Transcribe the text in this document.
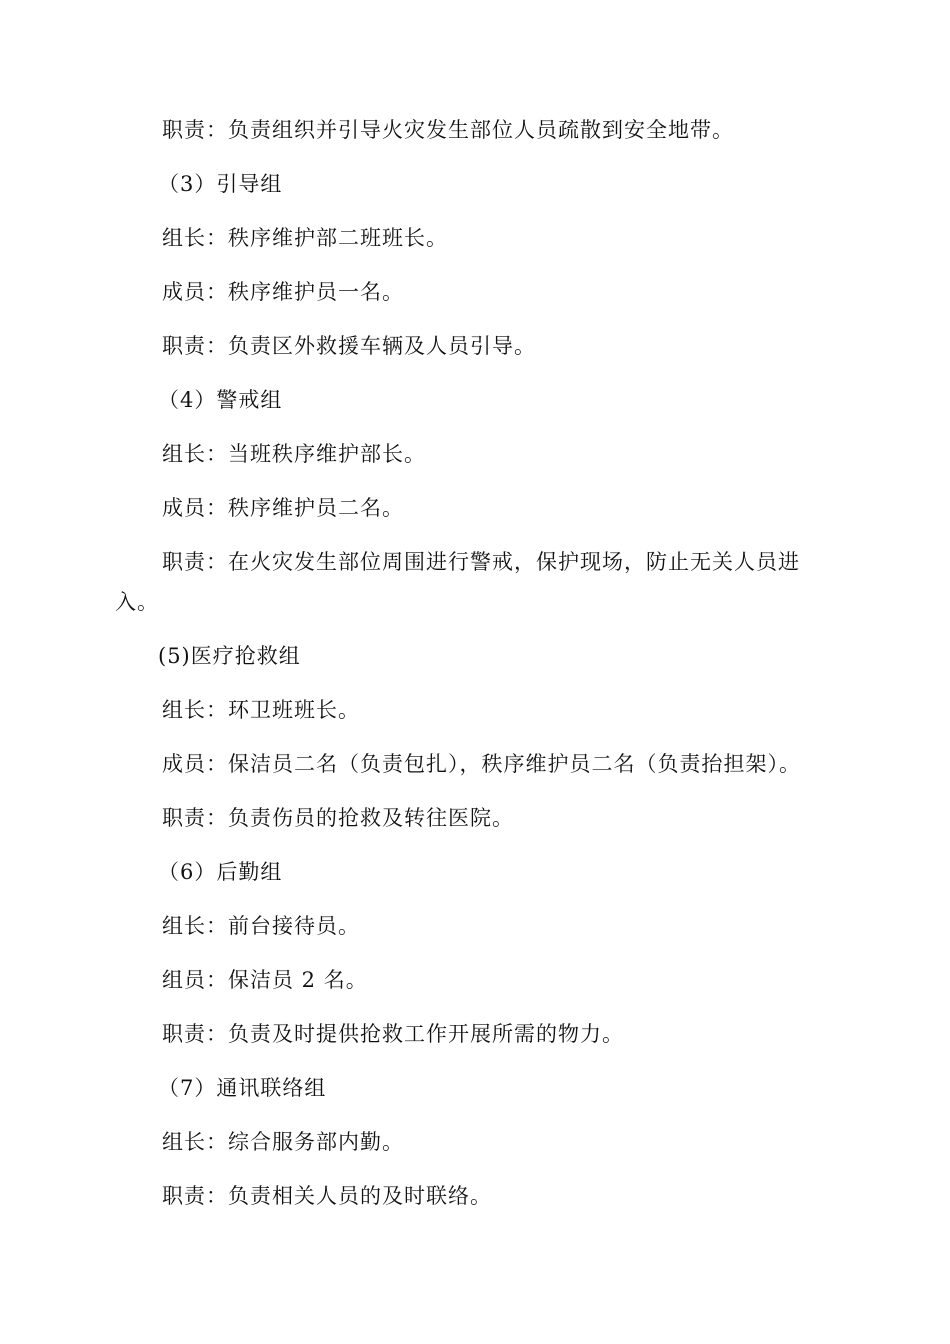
职责：负责组织并引导火灾发生部位人员疏散到安全地带。
（3）引导组
组长：秩序维护部二班班长。
成员：秩序维护员一名。
职责：负责区外救援车辆及人员引导。
（4）警戒组
组长：当班秩序维护部长。
成员：秩序维护员二名。
职责：在火灾发生部位周围进行警戒，保护现场，防止无关人员进
入。
(5)医疗抢救组
组长：环卫班班长。
成员：保洁员二名（负责包扎），秩序维护员二名（负责抬担架）。
职责：负责伤员的抢救及转往医院。
（6）后勤组
组长：前台接待员。
组员：保洁员 2 名。
职责：负责及时提供抢救工作开展所需的物力。
（7）通讯联络组
组长：综合服务部内勤。
职责：负责相关人员的及时联络。
